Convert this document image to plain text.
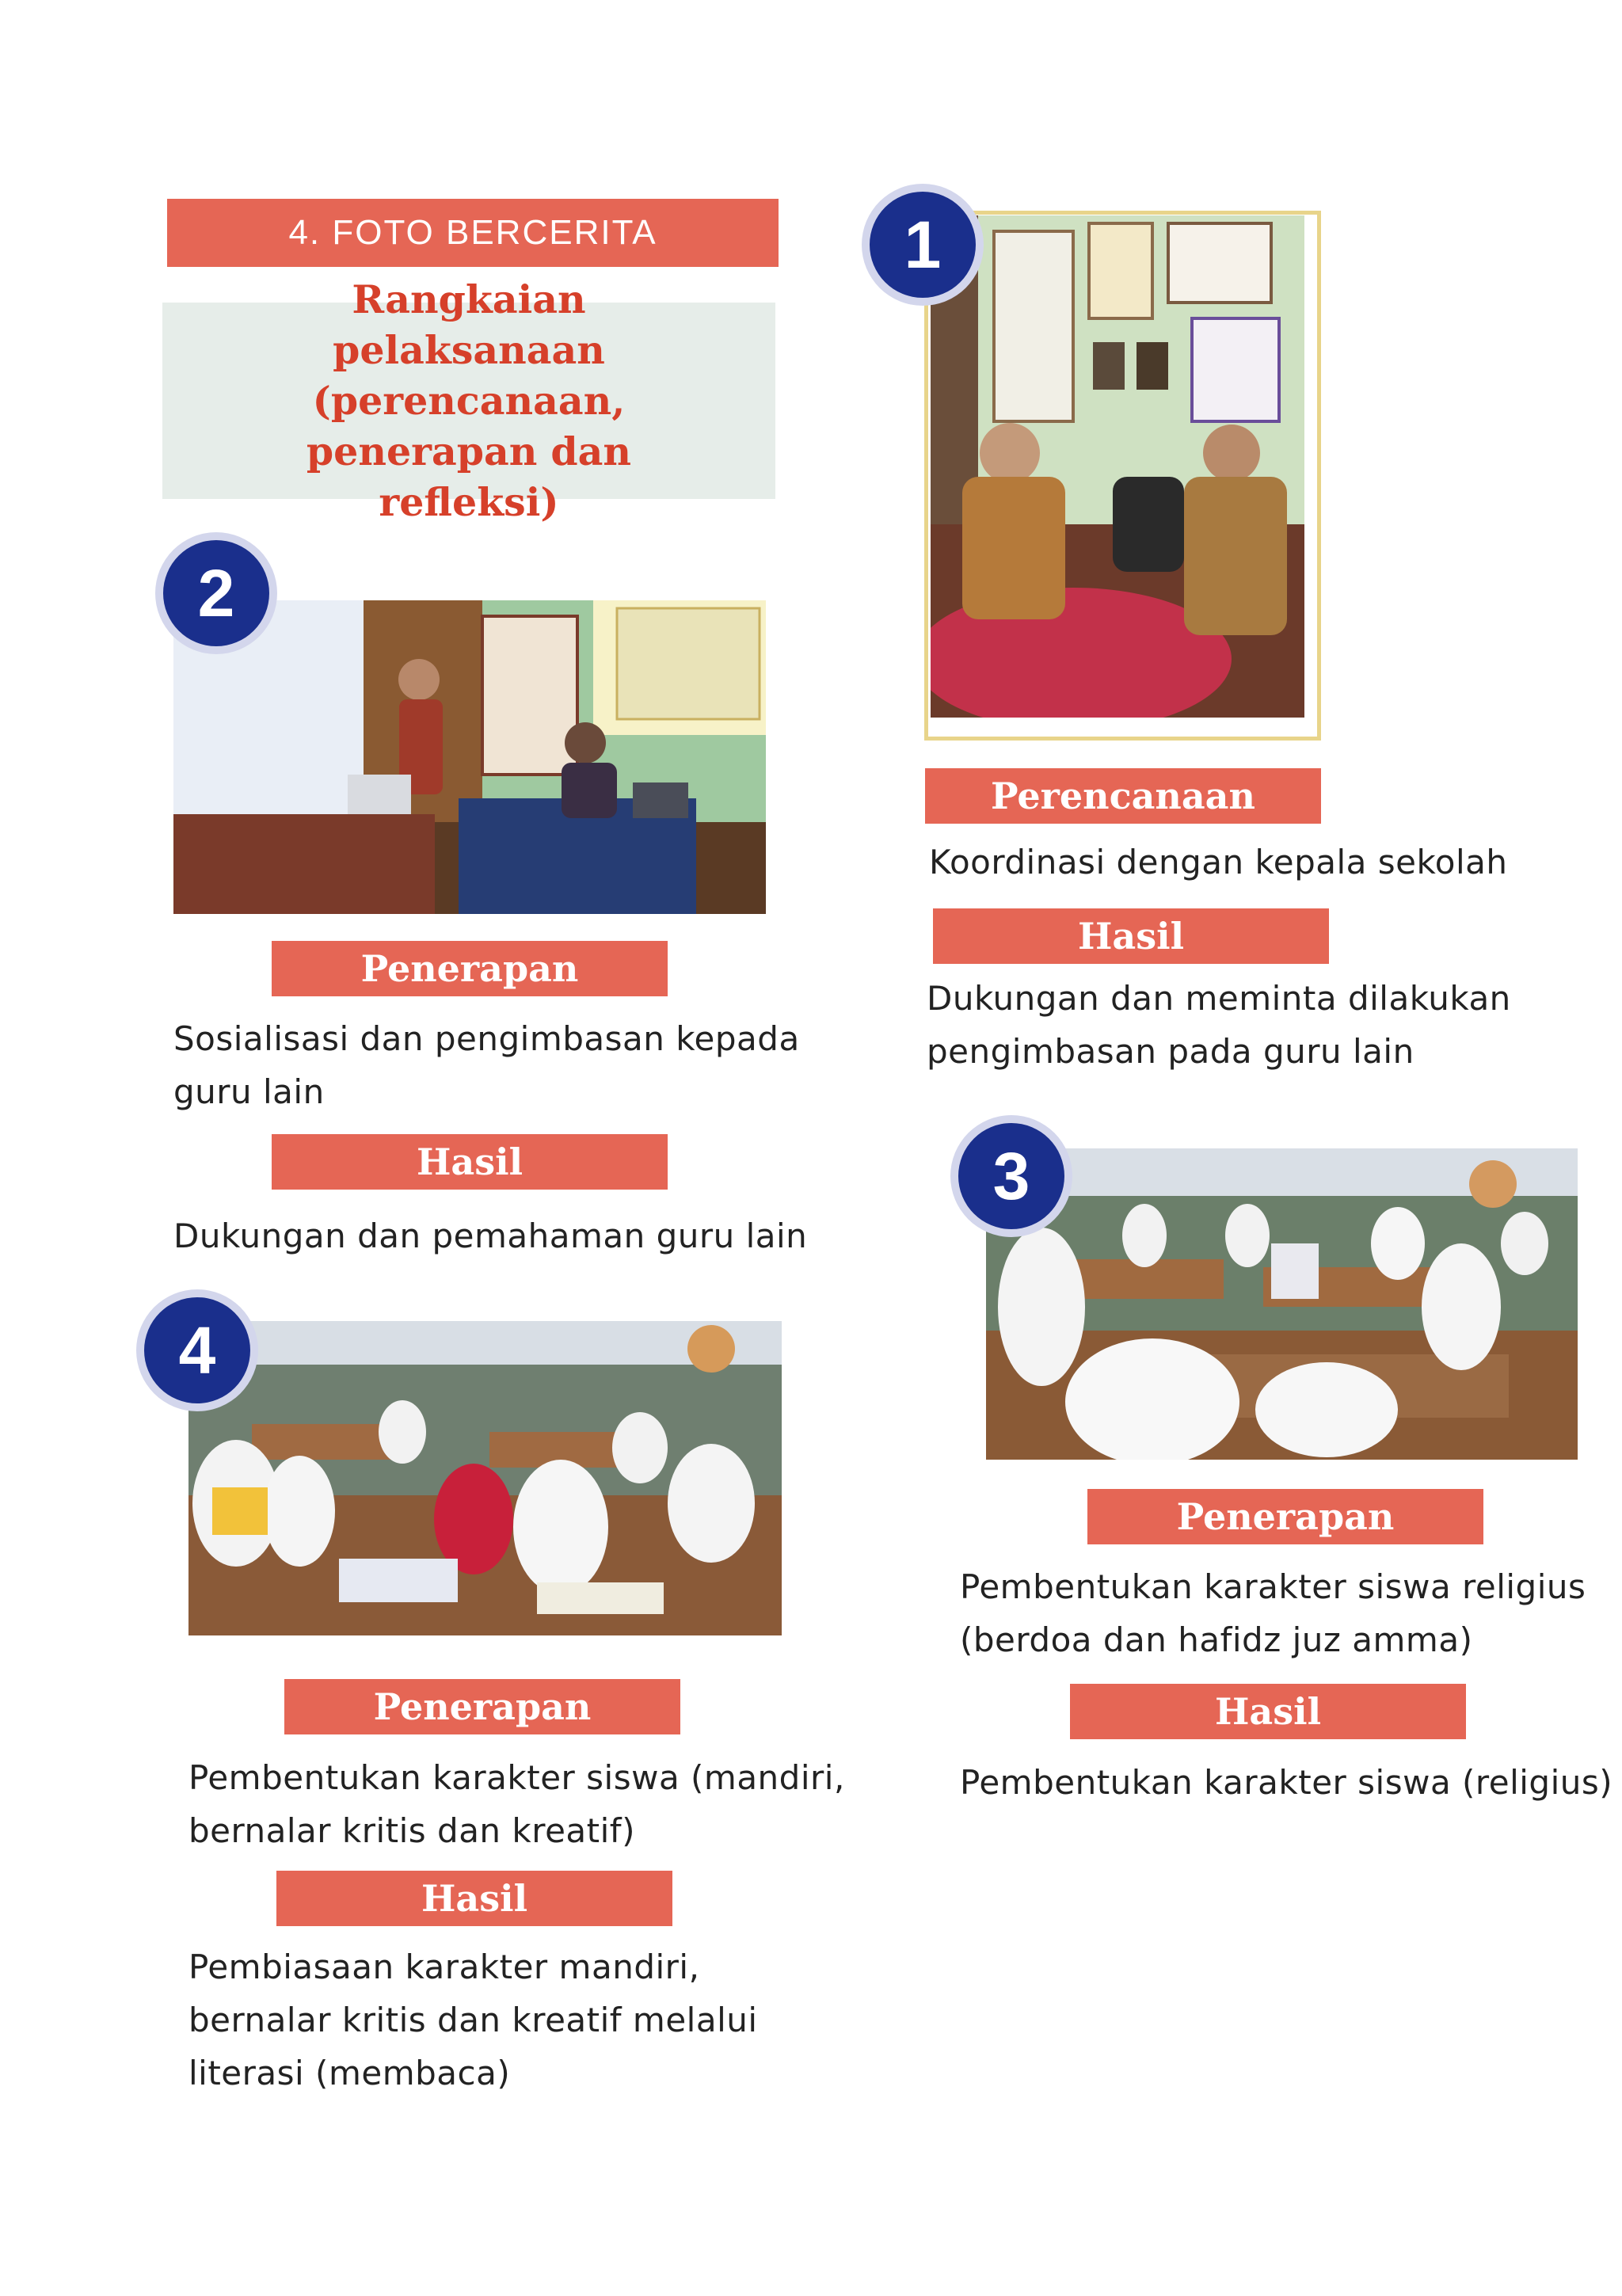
4. FOTO BERCERITA
Rangkaian pelaksanaan (perencanaan, penerapan dan refleksi)
1
Perencanaan
Koordinasi dengan kepala sekolah
Hasil
Dukungan dan meminta dilakukan pengimbasan pada guru lain
2
Penerapan
Sosialisasi dan pengimbasan kepada guru lain
Hasil
Dukungan dan pemahaman guru lain
3
Penerapan
Pembentukan karakter siswa religius (berdoa dan hafidz juz amma)
Hasil
Pembentukan karakter siswa (religius)
4
Penerapan
Pembentukan karakter siswa (mandiri, bernalar kritis dan kreatif)
Hasil
Pembiasaan karakter mandiri, bernalar kritis dan kreatif melalui literasi (membaca)
